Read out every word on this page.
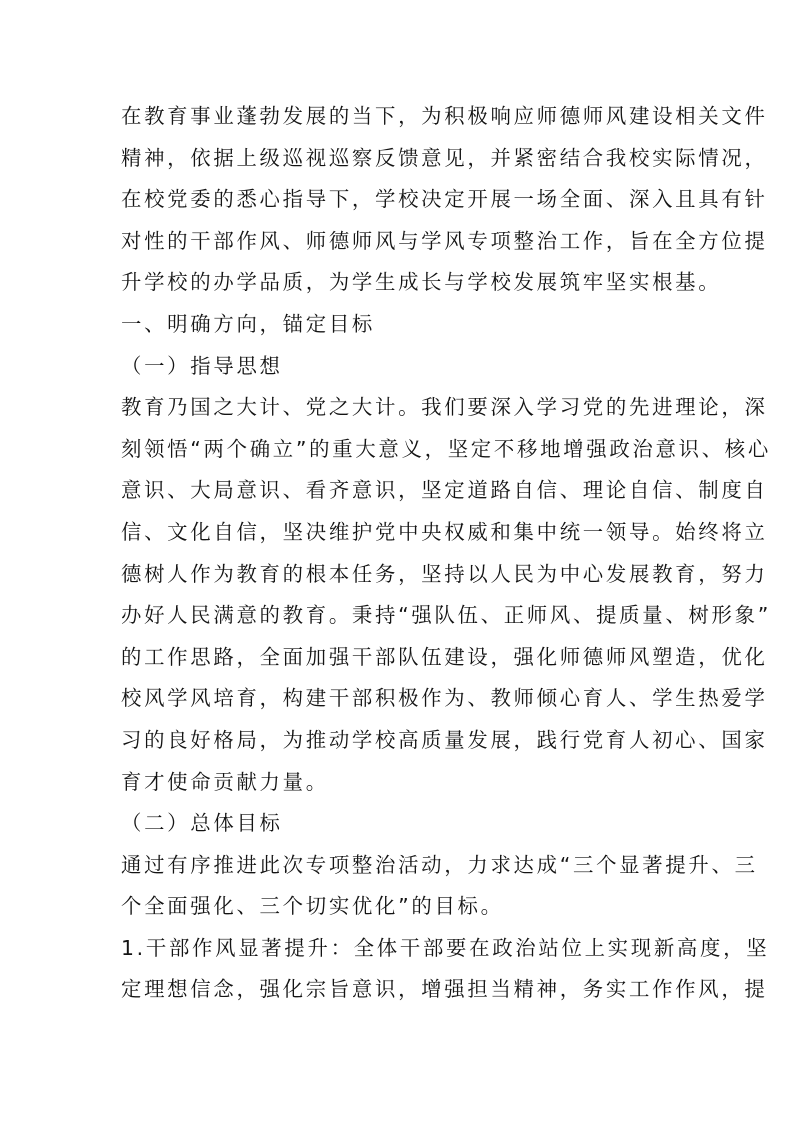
在教育事业蓬勃发展的当下，为积极响应师德师风建设相关文件
精神，依据上级巡视巡察反馈意见，并紧密结合我校实际情况，
在校党委的悉心指导下，学校决定开展一场全面、深入且具有针
对性的干部作风、师德师风与学风专项整治工作，旨在全方位提
升学校的办学品质，为学生成长与学校发展筑牢坚实根基。
一、明确方向，锚定目标
（一）指导思想
教育乃国之大计、党之大计。我们要深入学习党的先进理论，深
刻领悟“两个确立”的重大意义，坚定不移地增强政治意识、核心
意识、大局意识、看齐意识，坚定道路自信、理论自信、制度自
信、文化自信，坚决维护党中央权威和集中统一领导。始终将立
德树人作为教育的根本任务，坚持以人民为中心发展教育，努力
办好人民满意的教育。秉持“强队伍、正师风、提质量、树形象”
的工作思路，全面加强干部队伍建设，强化师德师风塑造，优化
校风学风培育，构建干部积极作为、教师倾心育人、学生热爱学
习的良好格局，为推动学校高质量发展，践行党育人初心、国家
育才使命贡献力量。
（二）总体目标
通过有序推进此次专项整治活动，力求达成“三个显著提升、三
个全面强化、三个切实优化”的目标。
1.干部作风显著提升：全体干部要在政治站位上实现新高度，坚
定理想信念，强化宗旨意识，增强担当精神，务实工作作风，提
